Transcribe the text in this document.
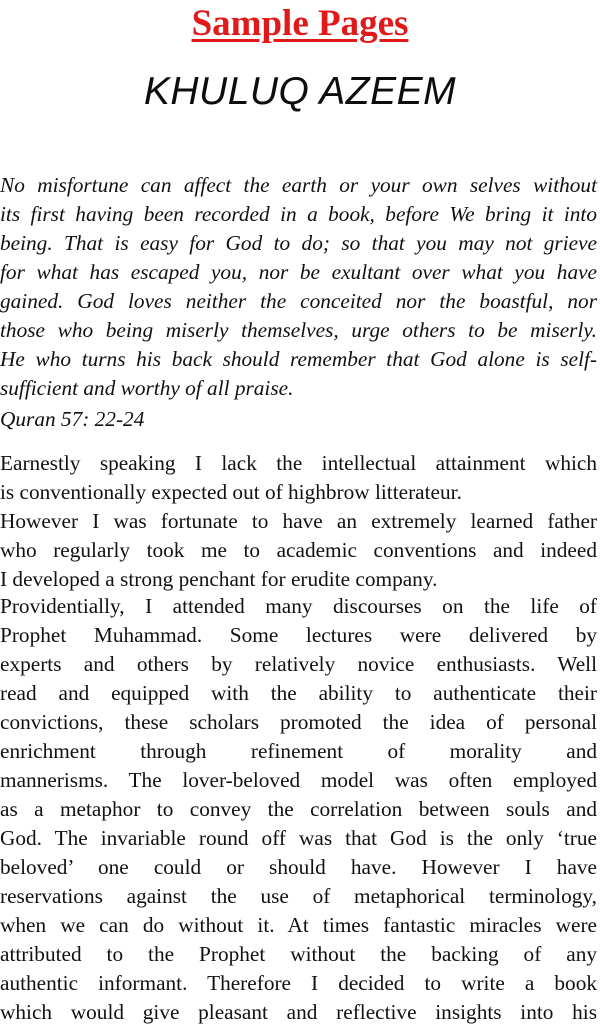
Sample Pages
KHULUQ AZEEM
No misfortune can affect the earth or your own selves without
its first having been recorded in a book, before We bring it into
being. That is easy for God to do; so that you may not grieve
for what has escaped you, nor be exultant over what you have
gained. God loves neither the conceited nor the boastful, nor
those who being miserly themselves, urge others to be miserly.
He who turns his back should remember that God alone is self-
sufficient and worthy of all praise.
Quran 57: 22-24
Earnestly speaking I lack the intellectual attainment which
is conventionally expected out of highbrow litterateur.
However I was fortunate to have an extremely learned father
who regularly took me to academic conventions and indeed
I developed a strong penchant for erudite company.
Providentially, I attended many discourses on the life of
Prophet Muhammad. Some lectures were delivered by
experts and others by relatively novice enthusiasts. Well
read and equipped with the ability to authenticate their
convictions, these scholars promoted the idea of personal
enrichment through refinement of morality and
mannerisms. The lover-beloved model was often employed
as a metaphor to convey the correlation between souls and
God. The invariable round off was that God is the only ‘true
beloved’ one could or should have. However I have
reservations against the use of metaphorical terminology,
when we can do without it. At times fantastic miracles were
attributed to the Prophet without the backing of any
authentic informant. Therefore I decided to write a book
which would give pleasant and reflective insights into his
